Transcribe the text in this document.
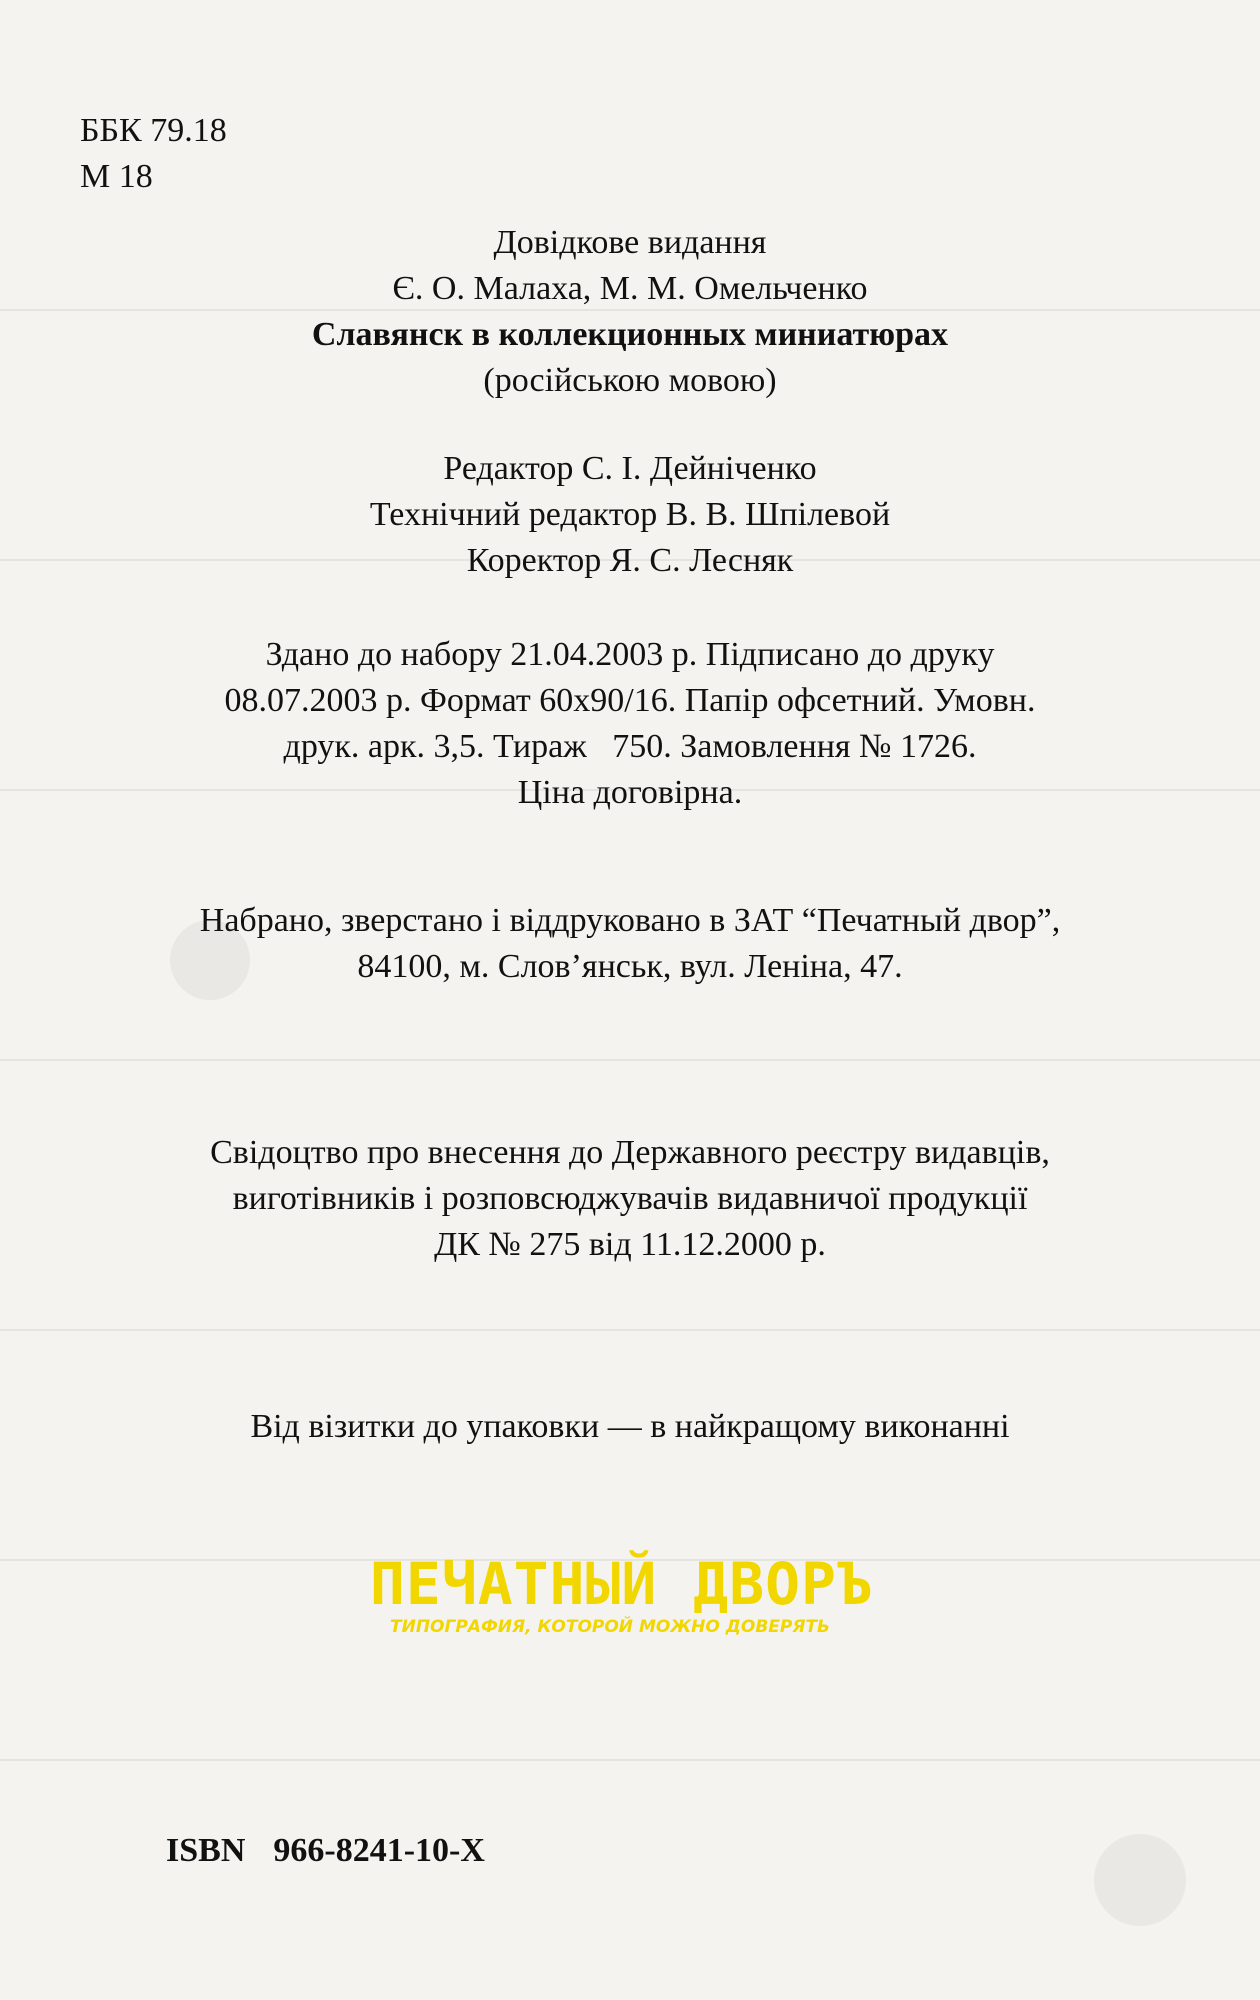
ББК 79.18
М 18
Довідкове видання
Є. О. Малаха, М. М. Омельченко
Славянск в коллекционных миниатюрах
(російською мовою)
Редактор С. І. Дейніченко
Технічний редактор В. В. Шпілевой
Коректор Я. С. Лесняк
Здано до набору 21.04.2003 р. Підписано до друку
08.07.2003 р. Формат 60х90/16. Папір офсетний. Умовн.
друк. арк. 3,5. Тираж   750. Замовлення № 1726.
Ціна договірна.
Набрано, зверстано і віддруковано в ЗАТ “Печатный двор”,
84100, м. Слов’янськ, вул. Леніна, 47.
Свідоцтво про внесення до Державного реєстру видавців,
виготівників і розповсюджувачів видавничої продукції
ДК № 275 від 11.12.2000 р.
Від візитки до упаковки — в найкращому виконанні
ПЕЧАТНЫЙ ДВОРЪ
ТИПОГРАФИЯ, КОТОРОЙ МОЖНО ДОВЕРЯТЬ
ISBN 966-8241-10-X
